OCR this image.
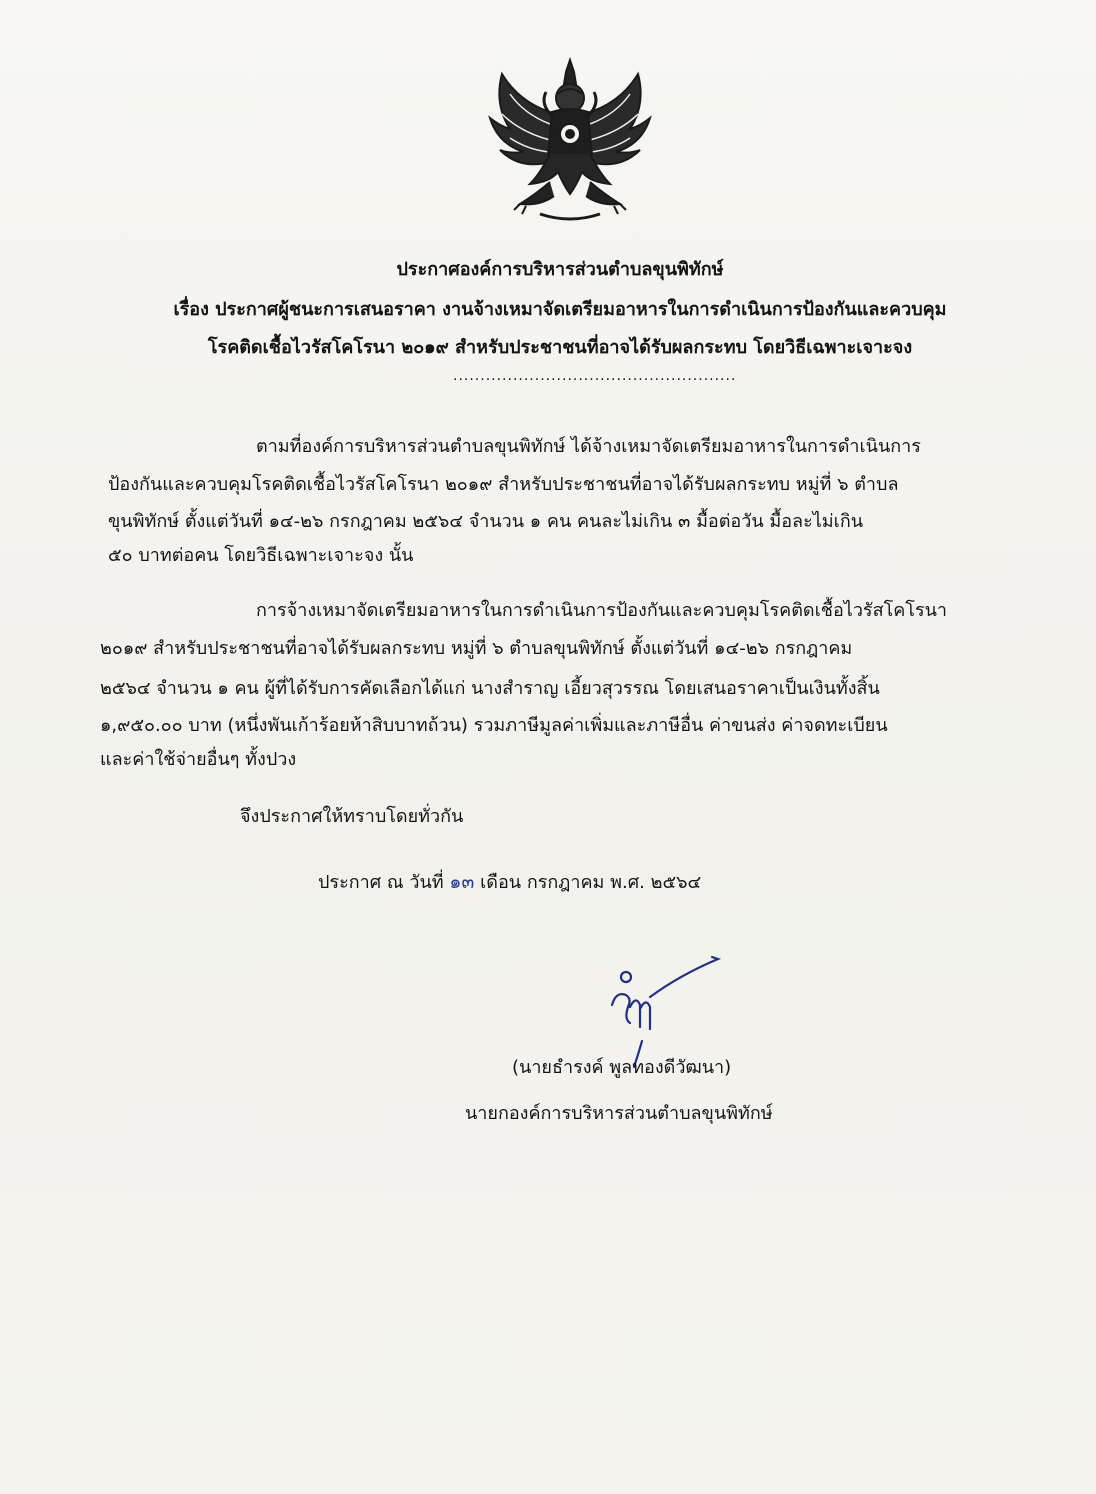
ประกาศองค์การบริหารส่วนตำบลขุนพิทักษ์
เรื่อง ประกาศผู้ชนะการเสนอราคา งานจ้างเหมาจัดเตรียมอาหารในการดำเนินการป้องกันและควบคุม
โรคติดเชื้อไวรัสโคโรนา ๒๐๑๙ สำหรับประชาชนที่อาจได้รับผลกระทบ โดยวิธีเฉพาะเจาะจง
....................................................
ตามที่องค์การบริหารส่วนตำบลขุนพิทักษ์ ได้จ้างเหมาจัดเตรียมอาหารในการดำเนินการ
ป้องกันและควบคุมโรคติดเชื้อไวรัสโคโรนา ๒๐๑๙ สำหรับประชาชนที่อาจได้รับผลกระทบ หมู่ที่ ๖ ตำบล
ขุนพิทักษ์ ตั้งแต่วันที่ ๑๔-๒๖ กรกฎาคม ๒๕๖๔ จำนวน ๑ คน คนละไม่เกิน ๓ มื้อต่อวัน มื้อละไม่เกิน
๕๐ บาทต่อคน โดยวิธีเฉพาะเจาะจง นั้น
การจ้างเหมาจัดเตรียมอาหารในการดำเนินการป้องกันและควบคุมโรคติดเชื้อไวรัสโคโรนา
๒๐๑๙ สำหรับประชาชนที่อาจได้รับผลกระทบ หมู่ที่ ๖ ตำบลขุนพิทักษ์ ตั้งแต่วันที่ ๑๔-๒๖ กรกฎาคม
๒๕๖๔ จำนวน ๑ คน ผู้ที่ได้รับการคัดเลือกได้แก่ นางสำราญ เอี้ยวสุวรรณ โดยเสนอราคาเป็นเงินทั้งสิ้น
๑,๙๕๐.๐๐ บาท (หนึ่งพันเก้าร้อยห้าสิบบาทถ้วน) รวมภาษีมูลค่าเพิ่มและภาษีอื่น ค่าขนส่ง ค่าจดทะเบียน
และค่าใช้จ่ายอื่นๆ ทั้งปวง
จึงประกาศให้ทราบโดยทั่วกัน
ประกาศ ณ วันที่ ๑๓ เดือน กรกฎาคม พ.ศ. ๒๕๖๔
(นายธำรงค์ พูลทองดีวัฒนา)
นายกองค์การบริหารส่วนตำบลขุนพิทักษ์
